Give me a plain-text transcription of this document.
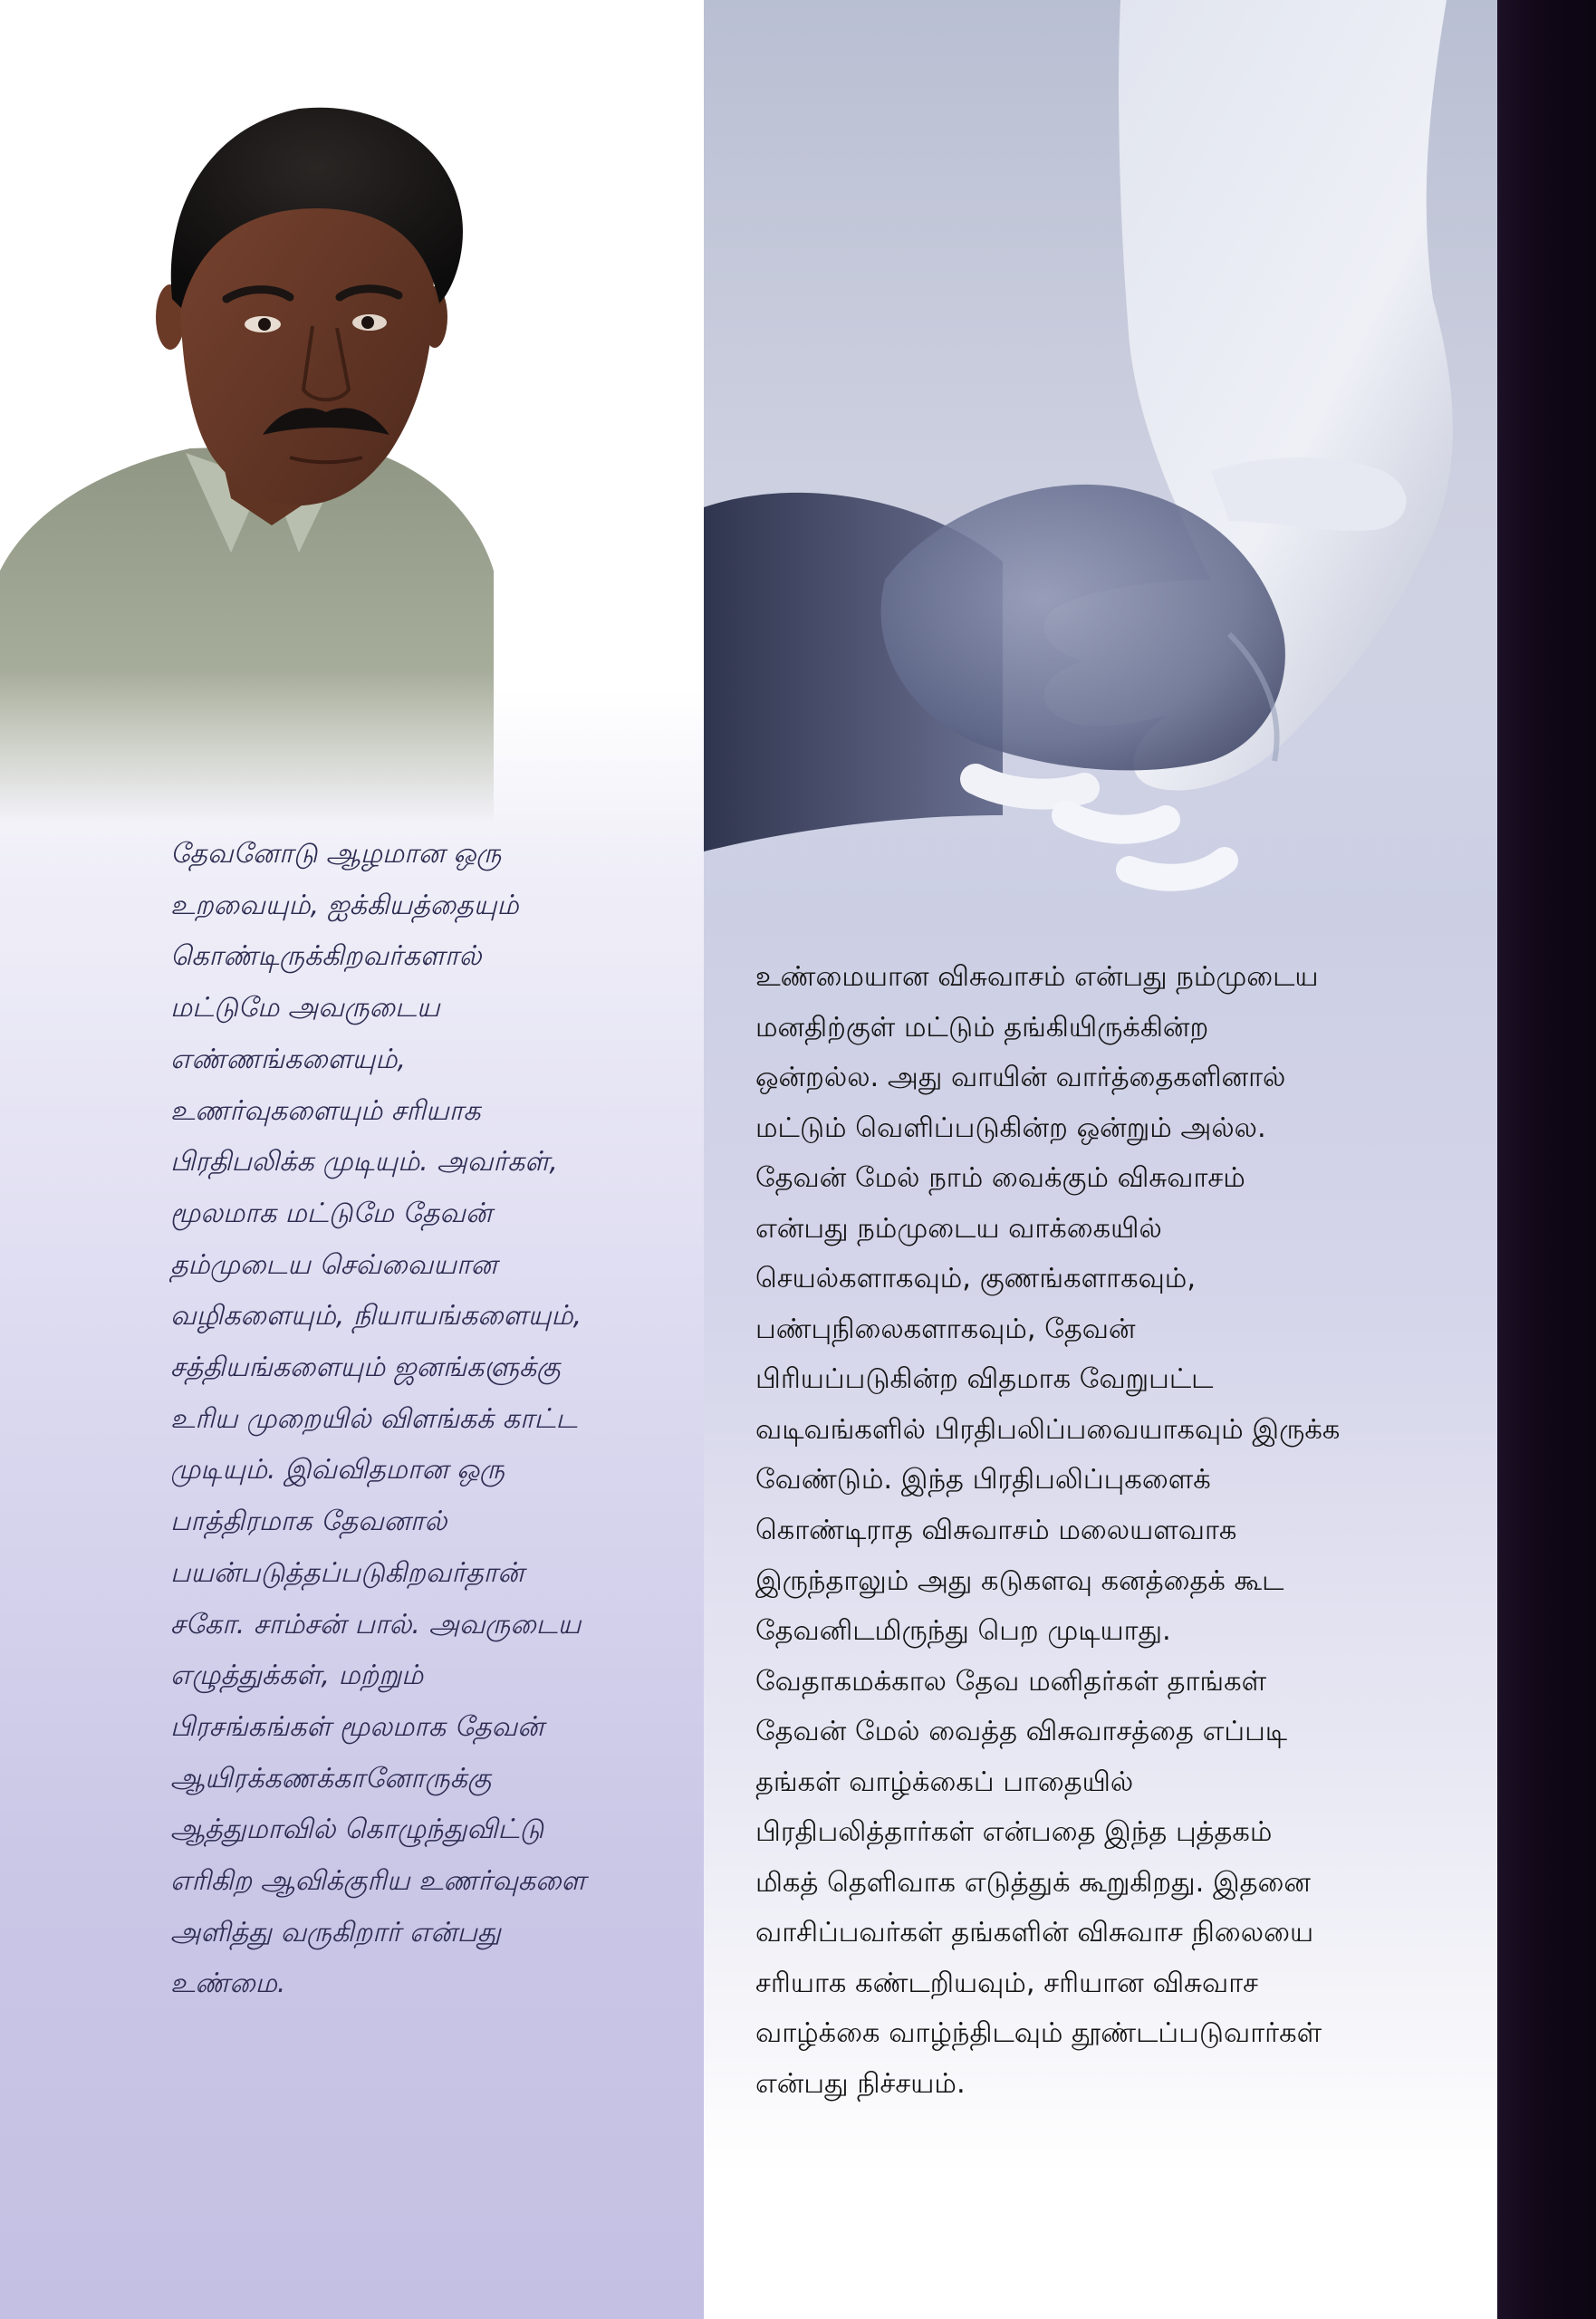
தேவனோடு ஆழமான ஒரு
உறவையும், ஐக்கியத்தையும்
கொண்டிருக்கிறவர்களால்
மட்டுமே அவருடைய
எண்ணங்களையும்,
உணர்வுகளையும் சரியாக
பிரதிபலிக்க முடியும். அவர்கள்,
மூலமாக மட்டுமே தேவன்
தம்முடைய செவ்வையான
வழிகளையும், நியாயங்களையும்,
சத்தியங்களையும் ஜனங்களுக்கு
உரிய முறையில் விளங்கக் காட்ட
முடியும். இவ்விதமான ஒரு
பாத்திரமாக தேவனால்
பயன்படுத்தப்படுகிறவர்தான்
சகோ. சாம்சன் பால். அவருடைய
எழுத்துக்கள், மற்றும்
பிரசங்கங்கள் மூலமாக தேவன்
ஆயிரக்கணக்கானோருக்கு
ஆத்துமாவில் கொழுந்துவிட்டு
எரிகிற ஆவிக்குரிய உணர்வுகளை
அளித்து வருகிறார் என்பது
உண்மை.

உண்மையான விசுவாசம் என்பது நம்முடைய
மனதிற்குள் மட்டும் தங்கியிருக்கின்ற
ஒன்றல்ல. அது வாயின் வார்த்தைகளினால்
மட்டும் வெளிப்படுகின்ற ஒன்றும் அல்ல.
தேவன் மேல் நாம் வைக்கும் விசுவாசம்
என்பது நம்முடைய வாக்கையில்
செயல்களாகவும், குணங்களாகவும்,
பண்புநிலைகளாகவும், தேவன்
பிரியப்படுகின்ற விதமாக வேறுபட்ட
வடிவங்களில் பிரதிபலிப்பவையாகவும் இருக்க
வேண்டும். இந்த பிரதிபலிப்புகளைக்
கொண்டிராத விசுவாசம் மலையளவாக
இருந்தாலும் அது கடுகளவு கனத்தைக் கூட
தேவனிடமிருந்து பெற முடியாது.
வேதாகமக்கால தேவ மனிதர்கள் தாங்கள்
தேவன் மேல் வைத்த விசுவாசத்தை எப்படி
தங்கள் வாழ்க்கைப் பாதையில்
பிரதிபலித்தார்கள் என்பதை இந்த புத்தகம்
மிகத் தெளிவாக எடுத்துக் கூறுகிறது. இதனை
வாசிப்பவர்கள் தங்களின் விசுவாச நிலையை
சரியாக கண்டறியவும், சரியான விசுவாச
வாழ்க்கை வாழ்ந்திடவும் தூண்டப்படுவார்கள்
என்பது நிச்சயம்.
